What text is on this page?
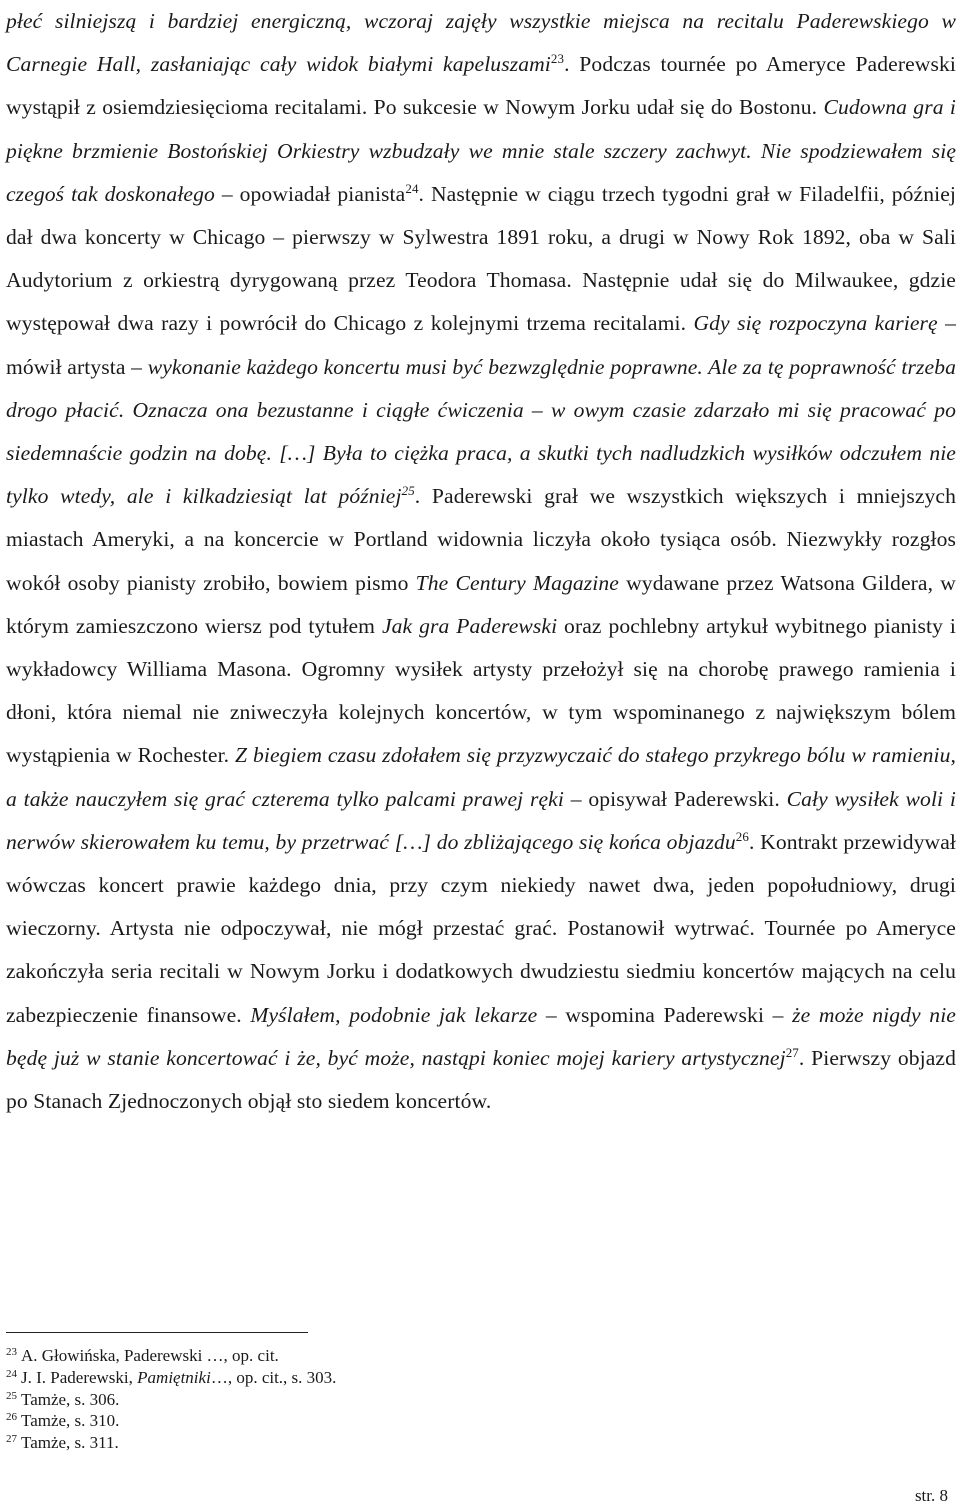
płeć silniejszą i bardziej energiczną, wczoraj zajęły wszystkie miejsca na recitalu Paderewskiego w Carnegie Hall, zasłaniając cały widok białymi kapeluszami$^{23}$. Podczas tournée po Ameryce Paderewski wystąpił z osiemdziesięcioma recitalami. Po sukcesie w Nowym Jorku udał się do Bostonu. Cudowna gra i piękne brzmienie Bostońskiej Orkiestry wzbudzały we mnie stale szczery zachwyt. Nie spodziewałem się czegoś tak doskonałego – opowiadał pianista$^{24}$. Następnie w ciągu trzech tygodni grał w Filadelfii, później dał dwa koncerty w Chicago – pierwszy w Sylwestra 1891 roku, a drugi w Nowy Rok 1892, oba w Sali Audytorium z orkiestrą dyrygowaną przez Teodora Thomasa. Następnie udał się do Milwaukee, gdzie występował dwa razy i powrócił do Chicago z kolejnymi trzema recitalami. Gdy się rozpoczyna karierę – mówił artysta – wykonanie każdego koncertu musi być bezwzględnie poprawne. Ale za tę poprawność trzeba drogo płacić. Oznacza ona bezustanne i ciągłe ćwiczenia – w owym czasie zdarzało mi się pracować po siedemnaście godzin na dobę. […] Była to ciężka praca, a skutki tych nadludzkich wysiłków odczułem nie tylko wtedy, ale i kilkadziesiąt lat później$^{25}$. Paderewski grał we wszystkich większych i mniejszych miastach Ameryki, a na koncercie w Portland widownia liczyła około tysiąca osób. Niezwykły rozgłos wokół osoby pianisty zrobiło, bowiem pismo The Century Magazine wydawane przez Watsona Gildera, w którym zamieszczono wiersz pod tytułem Jak gra Paderewski oraz pochlebny artykuł wybitnego pianisty i wykładowcy Williama Masona. Ogromny wysiłek artysty przełożył się na chorobę prawego ramienia i dłoni, która niemal nie zniweczyła kolejnych koncertów, w tym wspominanego z największym bólem wystąpienia w Rochester. Z biegiem czasu zdołałem się przyzwyczaić do stałego przykrego bólu w ramieniu, a także nauczyłem się grać czterema tylko palcami prawej ręki – opisywał Paderewski. Cały wysiłek woli i nerwów skierowałem ku temu, by przetrwać […] do zbliżającego się końca objazdu$^{26}$. Kontrakt przewidywał wówczas koncert prawie każdego dnia, przy czym niekiedy nawet dwa, jeden popołudniowy, drugi wieczorny. Artysta nie odpoczywał, nie mógł przestać grać. Postanowił wytrwać. Tournée po Ameryce zakończyła seria recitali w Nowym Jorku i dodatkowych dwudziestu siedmiu koncertów mających na celu zabezpieczenie finansowe. Myślałem, podobnie jak lekarze – wspomina Paderewski – że może nigdy nie będę już w stanie koncertować i że, być może, nastąpi koniec mojej kariery artystycznej$^{27}$. Pierwszy objazd po Stanach Zjednoczonych objął sto siedem koncertów.
$^{23}$ A. Głowińska, Paderewski …, op. cit.
$^{24}$ J. I. Paderewski, Pamiętniki…, op. cit., s. 303.
$^{25}$ Tamże, s. 306.
$^{26}$ Tamże, s. 310.
$^{27}$ Tamże, s. 311.
str. 8
